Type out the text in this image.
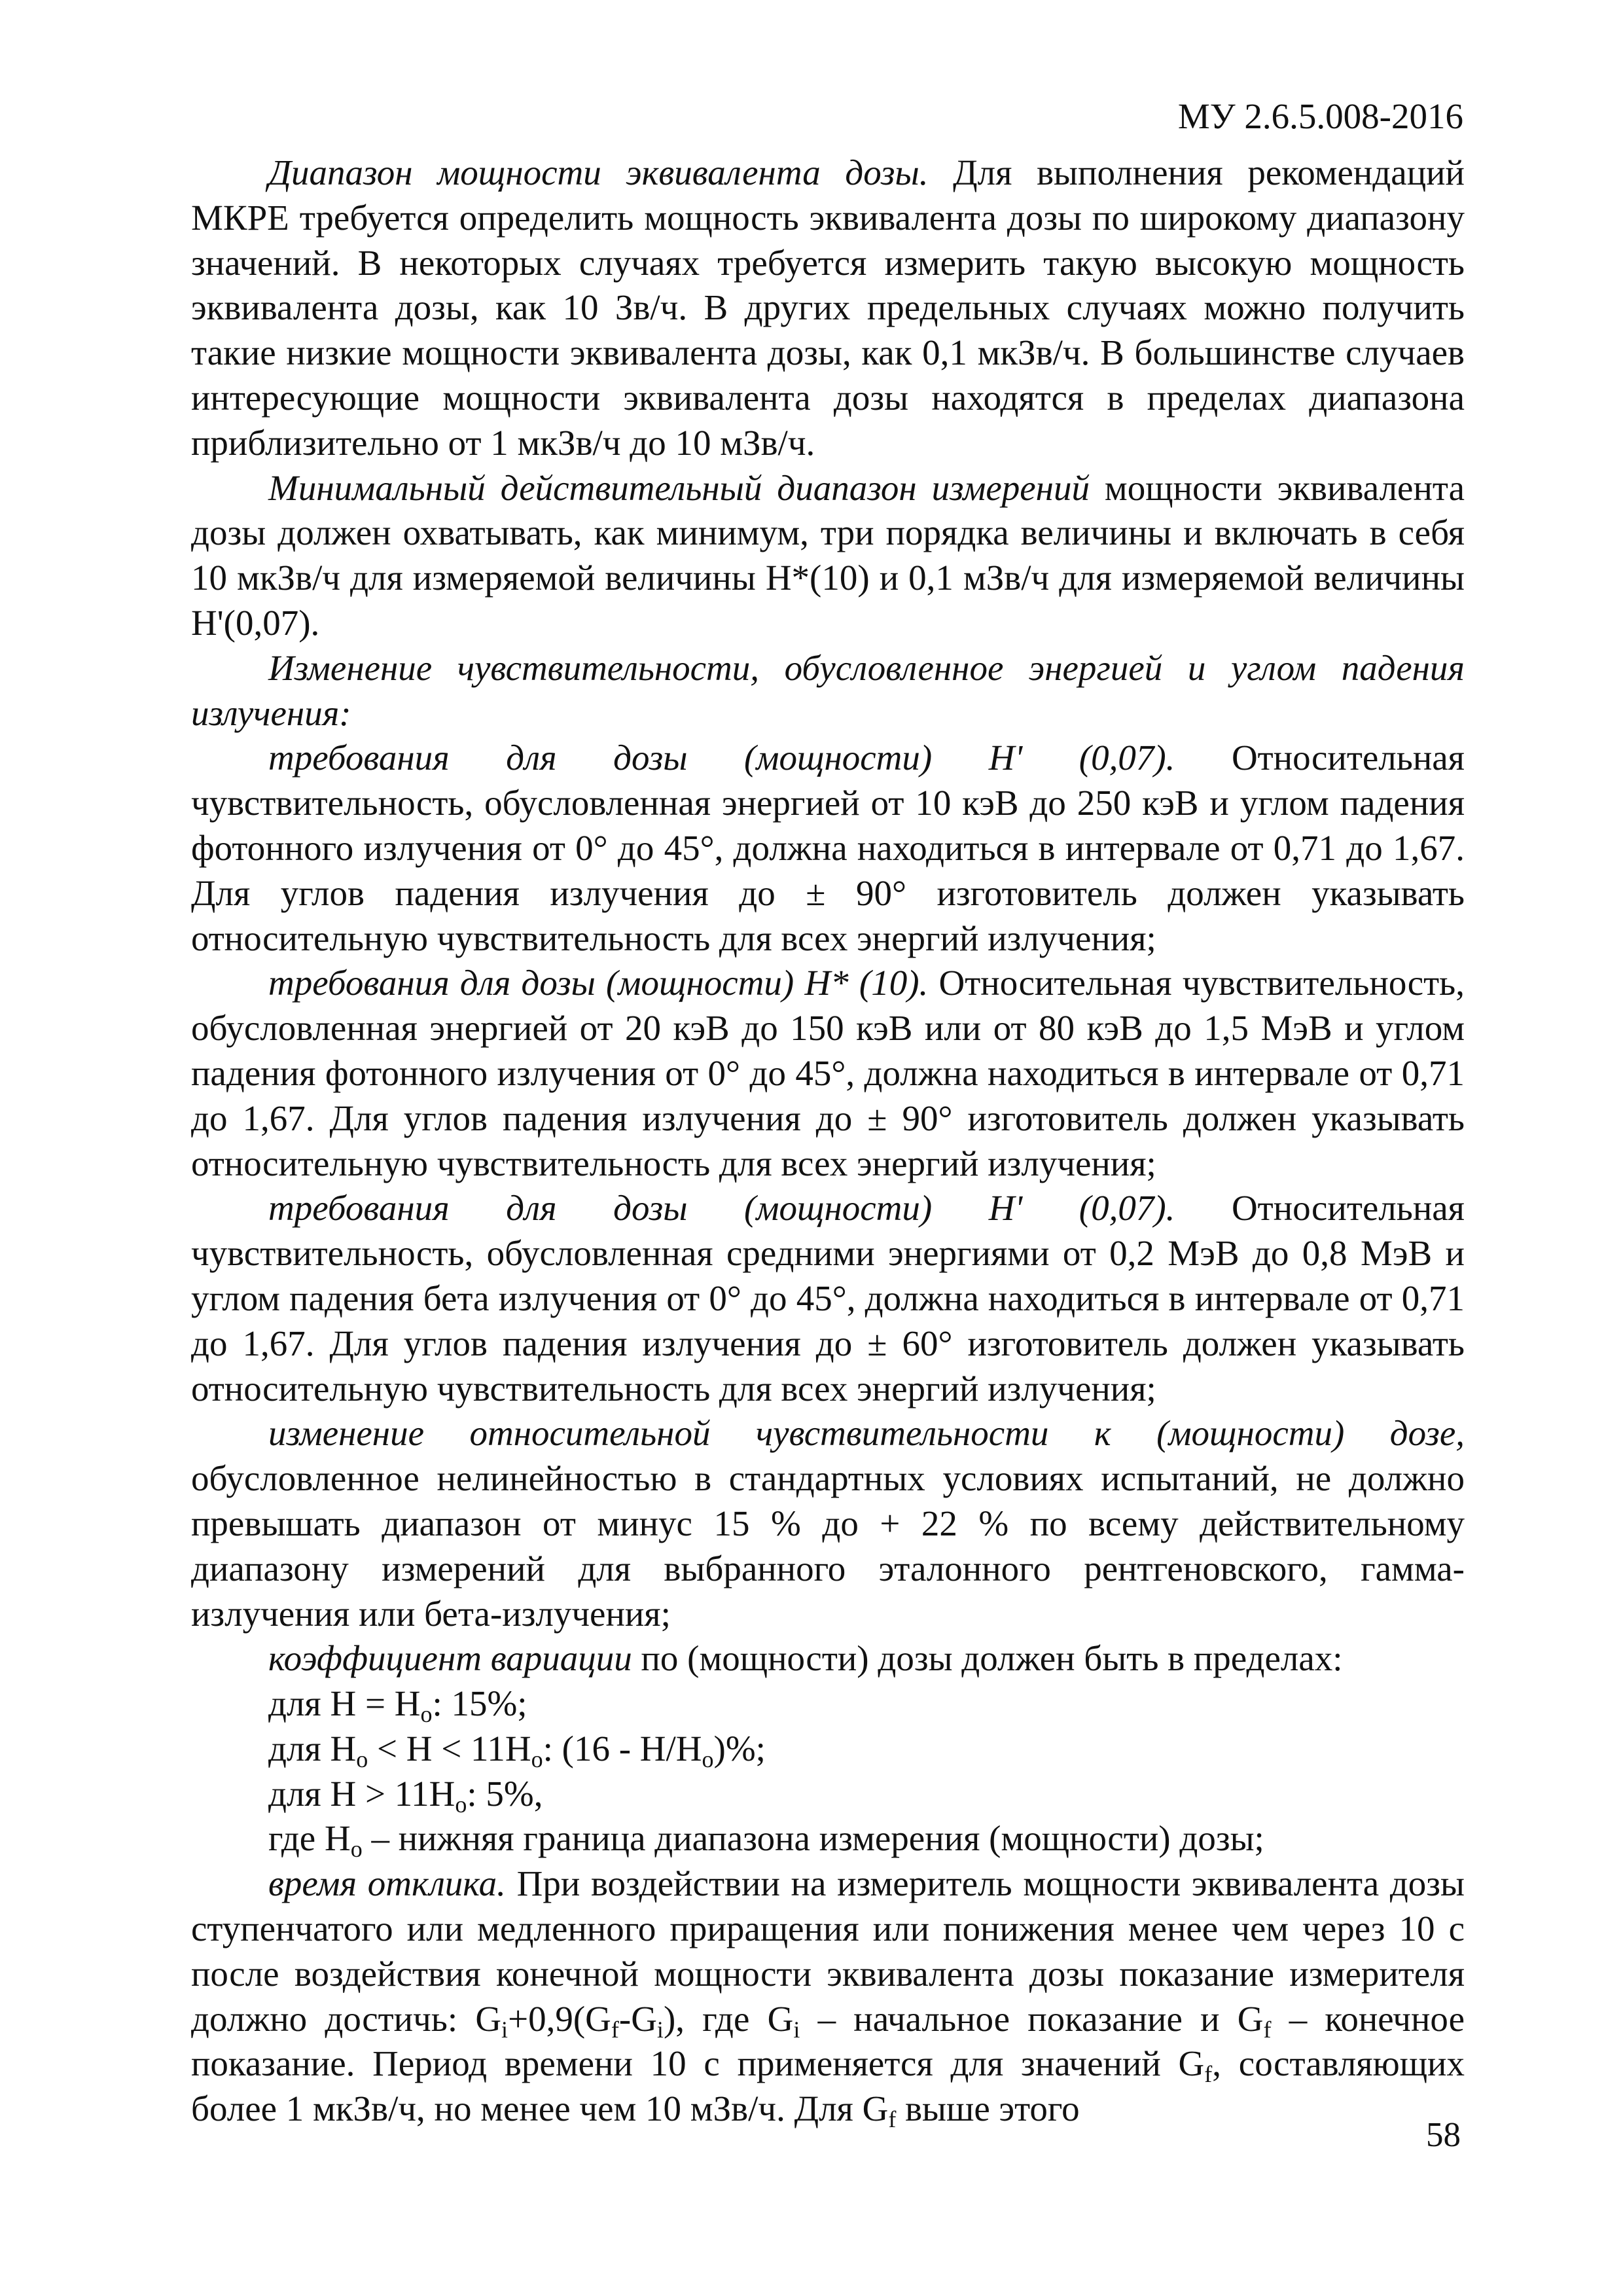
МУ 2.6.5.008-2016

Диапазон мощности эквивалента дозы. Для выполнения рекомендаций МКРЕ требуется определить мощность эквивалента дозы по широкому диапазону значений. В некоторых случаях требуется измерить такую высокую мощность эквивалента дозы, как 10 Зв/ч. В других предельных случаях можно получить такие низкие мощности эквивалента дозы, как 0,1 мкЗв/ч. В большинстве случаев интересующие мощности эквивалента дозы находятся в пределах диапазона приблизительно от 1 мкЗв/ч до 10 мЗв/ч.

Минимальный действительный диапазон измерений мощности эквивалента дозы должен охватывать, как минимум, три порядка величины и включать в себя 10 мкЗв/ч для измеряемой величины H*(10) и 0,1 мЗв/ч для измеряемой величины H'(0,07).

Изменение чувствительности, обусловленное энергией и углом падения излучения:

требования для дозы (мощности) H' (0,07). Относительная чувствительность, обусловленная энергией от 10 кэВ до 250 кэВ и углом падения фотонного излучения от 0° до 45°, должна находиться в интервале от 0,71 до 1,67. Для углов падения излучения до ± 90° изготовитель должен указывать относительную чувствительность для всех энергий излучения;

требования для дозы (мощности) H* (10). Относительная чувствительность, обусловленная энергией от 20 кэВ до 150 кэВ или от 80 кэВ до 1,5 МэВ и углом падения фотонного излучения от 0° до 45°, должна находиться в интервале от 0,71 до 1,67. Для углов падения излучения до ± 90° изготовитель должен указывать относительную чувствительность для всех энергий излучения;

требования для дозы (мощности) H' (0,07). Относительная чувствительность, обусловленная средними энергиями от 0,2 МэВ до 0,8 МэВ и углом падения бета излучения от 0° до 45°, должна находиться в интервале от 0,71 до 1,67. Для углов падения излучения до ± 60° изготовитель должен указывать относительную чувствительность для всех энергий излучения;

изменение относительной чувствительности к (мощности) дозе, обусловленное нелинейностью в стандартных условиях испытаний, не должно превышать диапазон от минус 15 % до + 22 % по всему действительному диапазону измерений для выбранного эталонного рентгеновского, гамма-излучения или бета-излучения;

коэффициент вариации по (мощности) дозы должен быть в пределах:

для $H = H_o$: 15%;

для $H_o < H < 11H_o$: $(16 - H/H_o)\%$;

для $H > 11H_o$: 5%,

где $H_o$ – нижняя граница диапазона измерения (мощности) дозы;

время отклика. При воздействии на измеритель мощности эквивалента дозы ступенчатого или медленного приращения или понижения менее чем через 10 с после воздействия конечной мощности эквивалента дозы показание измерителя должно достичь: $G_i+0,9(G_f-G_i)$, где $G_i$ – начальное показание и $G_f$ – конечное показание. Период времени 10 с применяется для значений $G_f$, составляющих более 1 мкЗв/ч, но менее чем 10 мЗв/ч. Для $G_f$ выше этого

58
